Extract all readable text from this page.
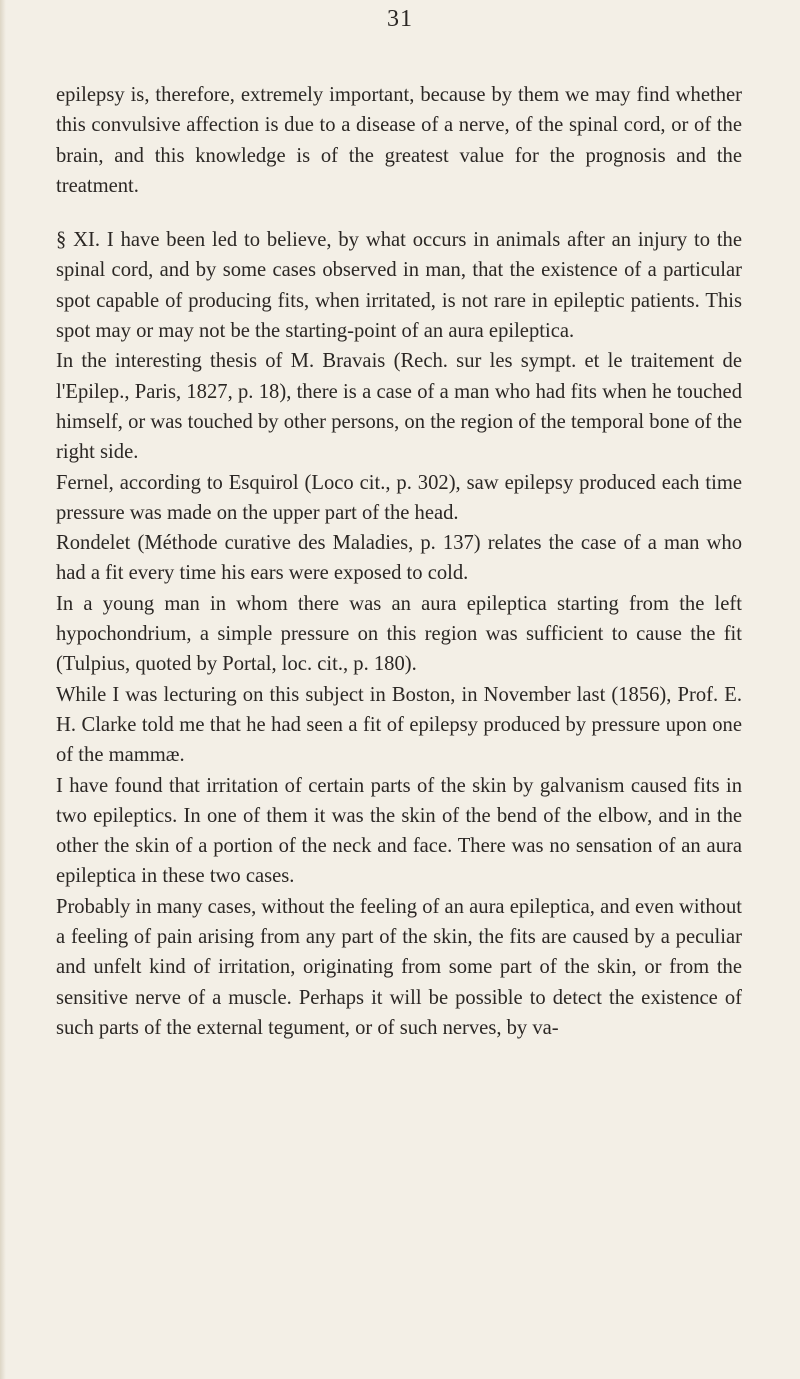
31

epilepsy is, therefore, extremely important, because by them we may find whether this convulsive affection is due to a disease of a nerve, of the spinal cord, or of the brain, and this knowledge is of the greatest value for the prognosis and the treatment.

§ XI. I have been led to believe, by what occurs in animals after an injury to the spinal cord, and by some cases observed in man, that the existence of a particular spot capable of producing fits, when irritated, is not rare in epileptic patients. This spot may or may not be the starting-point of an aura epileptica.

In the interesting thesis of M. Bravais (Rech. sur les sympt. et le traitement de l'Epilep., Paris, 1827, p. 18), there is a case of a man who had fits when he touched himself, or was touched by other persons, on the region of the temporal bone of the right side.

Fernel, according to Esquirol (Loco cit., p. 302), saw epilepsy produced each time pressure was made on the upper part of the head.

Rondelet (Méthode curative des Maladies, p. 137) relates the case of a man who had a fit every time his ears were exposed to cold.

In a young man in whom there was an aura epileptica starting from the left hypochondrium, a simple pressure on this region was sufficient to cause the fit (Tulpius, quoted by Portal, loc. cit., p. 180).

While I was lecturing on this subject in Boston, in November last (1856), Prof. E. H. Clarke told me that he had seen a fit of epilepsy produced by pressure upon one of the mammæ.

I have found that irritation of certain parts of the skin by galvanism caused fits in two epileptics. In one of them it was the skin of the bend of the elbow, and in the other the skin of a portion of the neck and face. There was no sensation of an aura epileptica in these two cases.

Probably in many cases, without the feeling of an aura epileptica, and even without a feeling of pain arising from any part of the skin, the fits are caused by a peculiar and unfelt kind of irritation, originating from some part of the skin, or from the sensitive nerve of a muscle. Perhaps it will be possible to detect the existence of such parts of the external tegument, or of such nerves, by va-
